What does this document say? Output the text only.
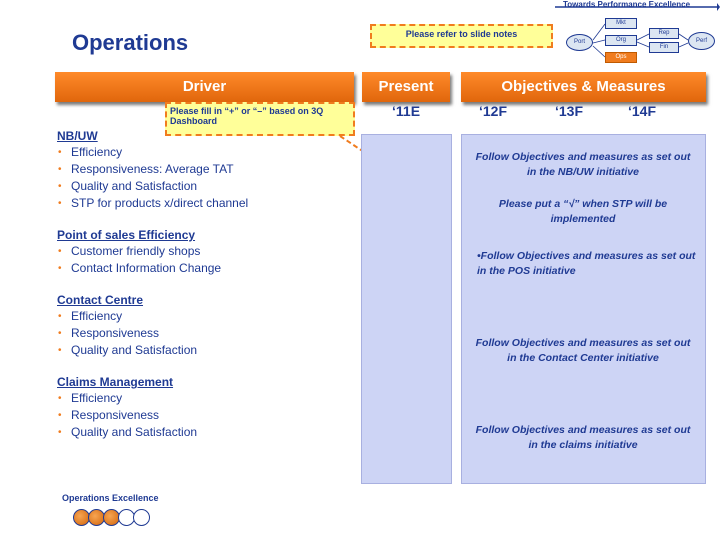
Operations	Please refer to slide notes
Towards Performance Excellence
Mkt
Port	Org
Ops
Rep
Fin
Perf
Driver	Present	Objectives & Measures
‘11E	‘12F	‘13F	‘14F
Please fill in “+” or “–” based on 3Q Dashboard
Follow Objectives and measures as set out in the NB/UW initiative
Please put a “√” when STP will be implemented
•Follow Objectives and measures as set out in the POS initiative
Follow Objectives and measures as set out in the Contact Center initiative
Follow Objectives and measures as set out in the claims initiative
NB/UW
• Efficiency
• Responsiveness: Average TAT
• Quality and Satisfaction
• STP for products x/direct channel
Point of sales Efficiency
• Customer friendly shops
• Contact Information Change
Contact Centre
• Efficiency
• Responsiveness
• Quality and Satisfaction
Claims Management
• Efficiency
• Responsiveness
• Quality and Satisfaction
Operations Excellence
